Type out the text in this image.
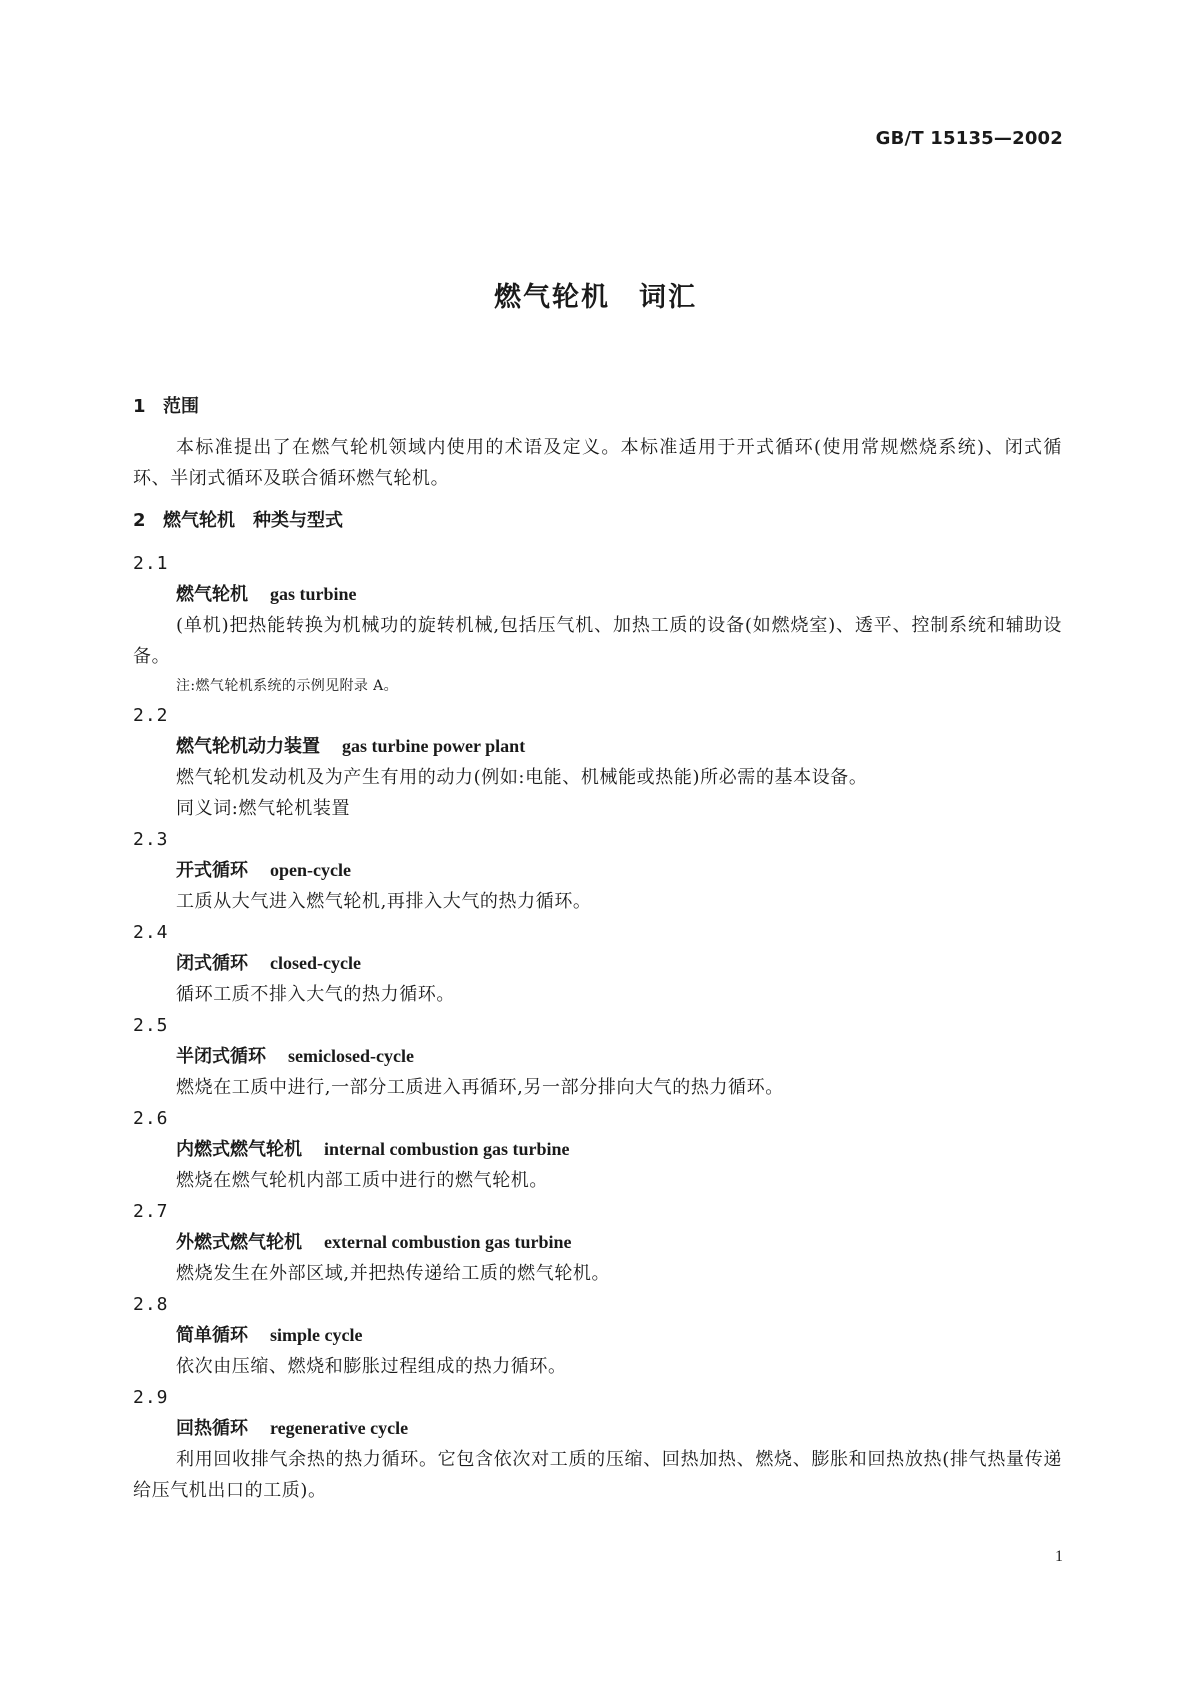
GB/T 15135—2002
燃气轮机　词汇

1 范围

本标准提出了在燃气轮机领域内使用的术语及定义。本标准适用于开式循环(使用常规燃烧系统)、闭式循环、半闭式循环及联合循环燃气轮机。

2 燃气轮机　种类与型式

2.1

燃气轮机 gas turbine

(单机)把热能转换为机械功的旋转机械,包括压气机、加热工质的设备(如燃烧室)、透平、控制系统和辅助设备。

注:燃气轮机系统的示例见附录 A。

2.2

燃气轮机动力装置 gas turbine power plant

燃气轮机发动机及为产生有用的动力(例如:电能、机械能或热能)所必需的基本设备。

同义词:燃气轮机装置

2.3

开式循环 open-cycle

工质从大气进入燃气轮机,再排入大气的热力循环。

2.4

闭式循环 closed-cycle

循环工质不排入大气的热力循环。

2.5

半闭式循环 semiclosed-cycle

燃烧在工质中进行,一部分工质进入再循环,另一部分排向大气的热力循环。

2.6

内燃式燃气轮机 internal combustion gas turbine

燃烧在燃气轮机内部工质中进行的燃气轮机。

2.7

外燃式燃气轮机 external combustion gas turbine

燃烧发生在外部区域,并把热传递给工质的燃气轮机。

2.8

简单循环 simple cycle

依次由压缩、燃烧和膨胀过程组成的热力循环。

2.9

回热循环 regenerative cycle

利用回收排气余热的热力循环。它包含依次对工质的压缩、回热加热、燃烧、膨胀和回热放热(排气热量传递给压气机出口的工质)。

1
